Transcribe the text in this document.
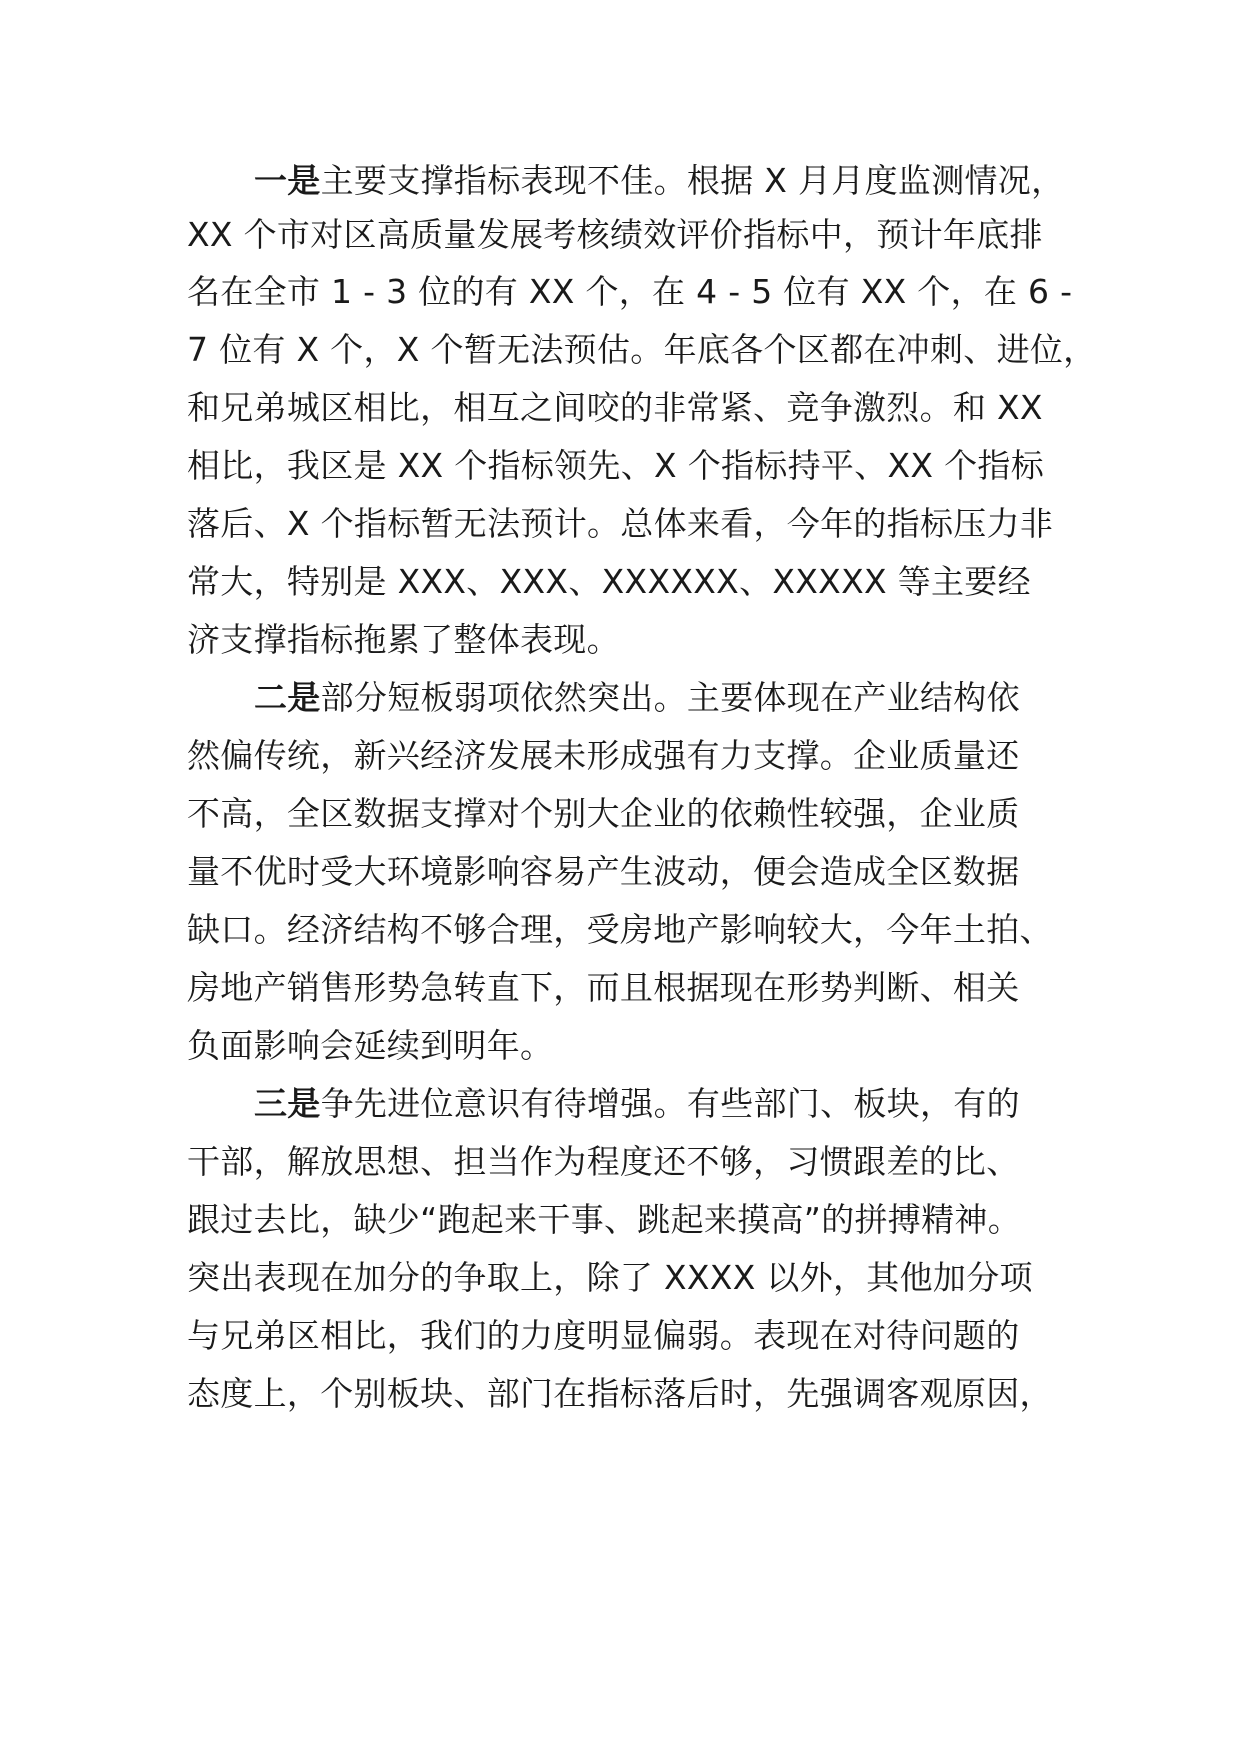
一是主要支撑指标表现不佳。根据 X 月月度监测情况，
XX 个市对区高质量发展考核绩效评价指标中，预计年底排
名在全市 1 - 3 位的有 XX 个，在 4 - 5 位有 XX 个，在 6 -
7 位有 X 个，X 个暂无法预估。年底各个区都在冲刺、进位，
和兄弟城区相比，相互之间咬的非常紧、竞争激烈。和 XX
相比，我区是 XX 个指标领先、X 个指标持平、XX 个指标
落后、X 个指标暂无法预计。总体来看，今年的指标压力非
常大，特别是 XXX、XXX、XXXXXX、XXXXX 等主要经
济支撑指标拖累了整体表现。
二是部分短板弱项依然突出。主要体现在产业结构依
然偏传统，新兴经济发展未形成强有力支撑。企业质量还
不高，全区数据支撑对个别大企业的依赖性较强，企业质
量不优时受大环境影响容易产生波动，便会造成全区数据
缺口。经济结构不够合理，受房地产影响较大，今年土拍、
房地产销售形势急转直下，而且根据现在形势判断、相关
负面影响会延续到明年。
三是争先进位意识有待增强。有些部门、板块，有的
干部，解放思想、担当作为程度还不够，习惯跟差的比、
跟过去比，缺少“跑起来干事、跳起来摸高”的拼搏精神。
突出表现在加分的争取上，除了 XXXX 以外，其他加分项
与兄弟区相比，我们的力度明显偏弱。表现在对待问题的
态度上，个别板块、部门在指标落后时，先强调客观原因，
